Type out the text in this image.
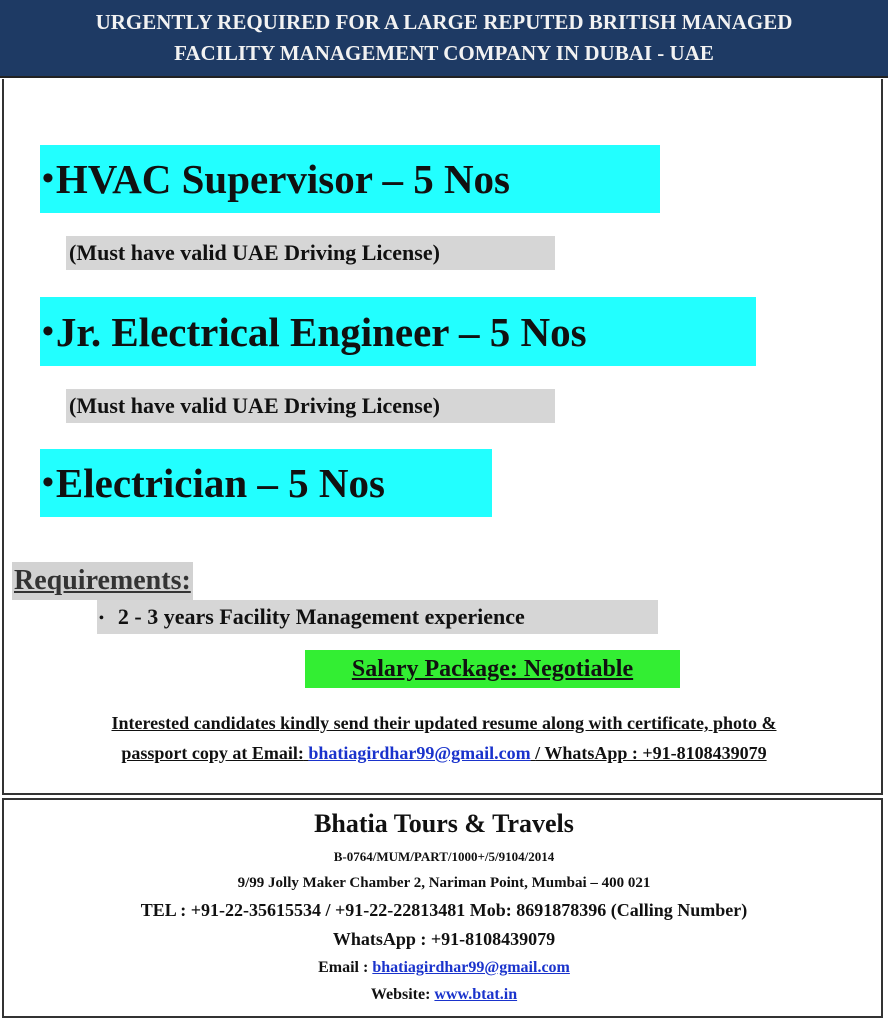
URGENTLY REQUIRED FOR A LARGE REPUTED BRITISH MANAGED
FACILITY MANAGEMENT COMPANY IN DUBAI - UAE
• HVAC Supervisor – 5 Nos
(Must have valid UAE Driving License)
• Jr. Electrical Engineer – 5 Nos
(Must have valid UAE Driving License)
• Electrician – 5 Nos
Requirements:
• 2 - 3 years Facility Management experience
Salary Package: Negotiable
Interested candidates kindly send their updated resume along with certificate, photo &
passport copy at Email: bhatiagirdhar99@gmail.com / WhatsApp : +91-8108439079
Bhatia Tours & Travels
B-0764/MUM/PART/1000+/5/9104/2014
9/99 Jolly Maker Chamber 2, Nariman Point, Mumbai – 400 021
TEL : +91-22-35615534 / +91-22-22813481 Mob: 8691878396 (Calling Number)
WhatsApp : +91-8108439079
Email : bhatiagirdhar99@gmail.com
Website: www.btat.in
